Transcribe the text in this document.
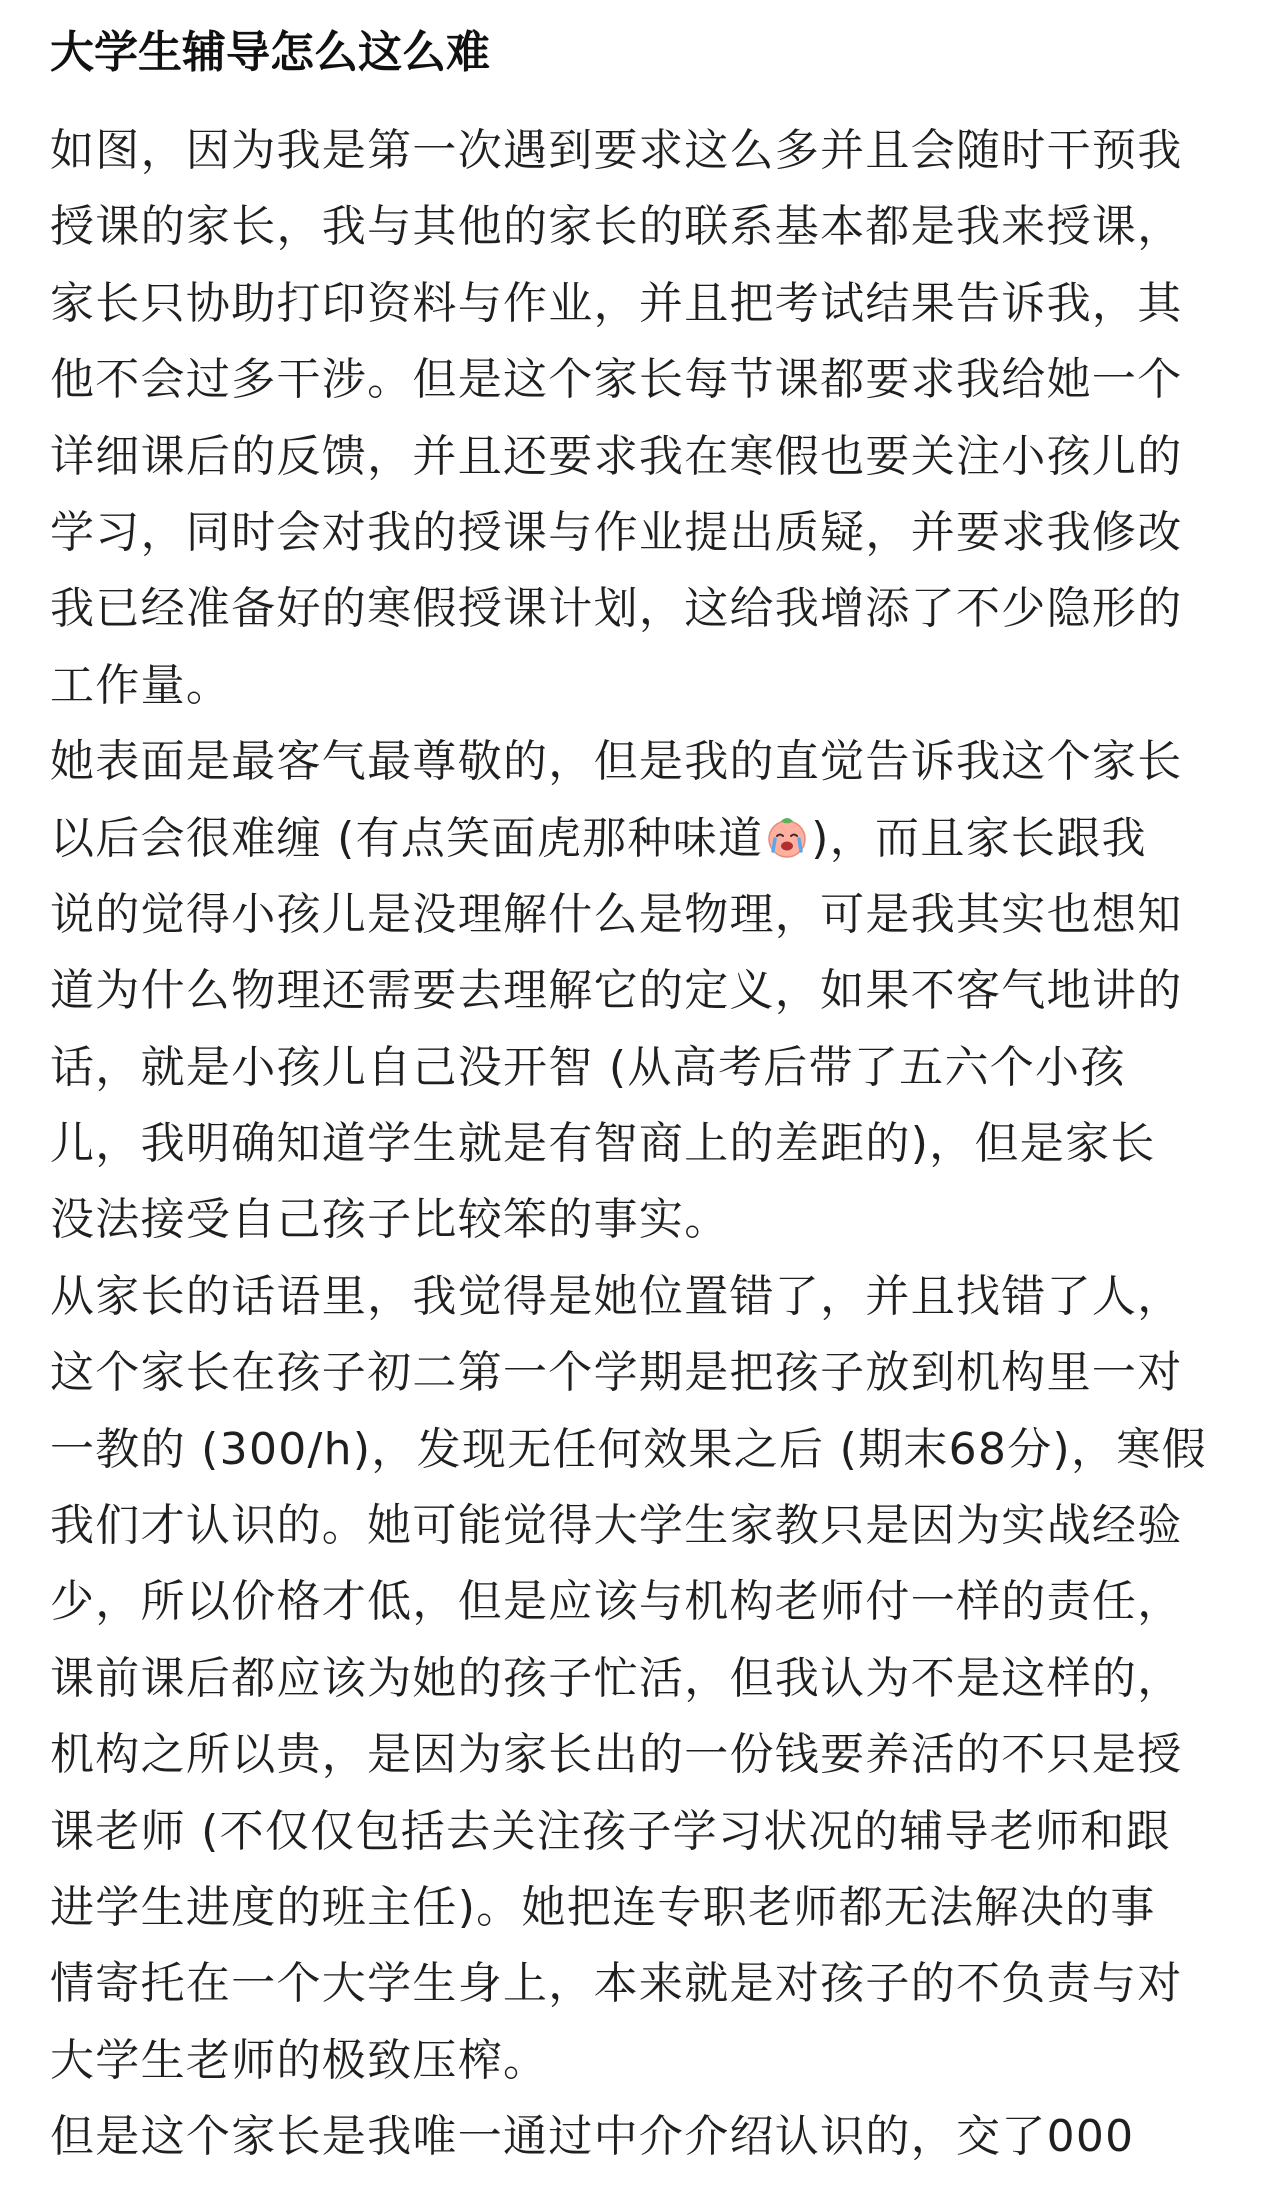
大学生辅导怎么这么难
如图，因为我是第一次遇到要求这么多并且会随时干预我
授课的家长，我与其他的家长的联系基本都是我来授课，
家长只协助打印资料与作业，并且把考试结果告诉我，其
他不会过多干涉。但是这个家长每节课都要求我给她一个
详细课后的反馈，并且还要求我在寒假也要关注小孩儿的
学习，同时会对我的授课与作业提出质疑，并要求我修改
我已经准备好的寒假授课计划，这给我增添了不少隐形的
工作量。
她表面是最客气最尊敬的，但是我的直觉告诉我这个家长
以后会很难缠 (有点笑面虎那种味道 )，而且家长跟我
说的觉得小孩儿是没理解什么是物理，可是我其实也想知
道为什么物理还需要去理解它的定义，如果不客气地讲的
话，就是小孩儿自己没开智 (从高考后带了五六个小孩
儿，我明确知道学生就是有智商上的差距的)，但是家长
没法接受自己孩子比较笨的事实。
从家长的话语里，我觉得是她位置错了，并且找错了人，
这个家长在孩子初二第一个学期是把孩子放到机构里一对
一教的 (300/h)，发现无任何效果之后 (期末68分)，寒假
我们才认识的。她可能觉得大学生家教只是因为实战经验
少，所以价格才低，但是应该与机构老师付一样的责任，
课前课后都应该为她的孩子忙活，但我认为不是这样的，
机构之所以贵，是因为家长出的一份钱要养活的不只是授
课老师 (不仅仅包括去关注孩子学习状况的辅导老师和跟
进学生进度的班主任)。她把连专职老师都无法解决的事
情寄托在一个大学生身上，本来就是对孩子的不负责与对
大学生老师的极致压榨。
但是这个家长是我唯一通过中介介绍认识的，交了000
